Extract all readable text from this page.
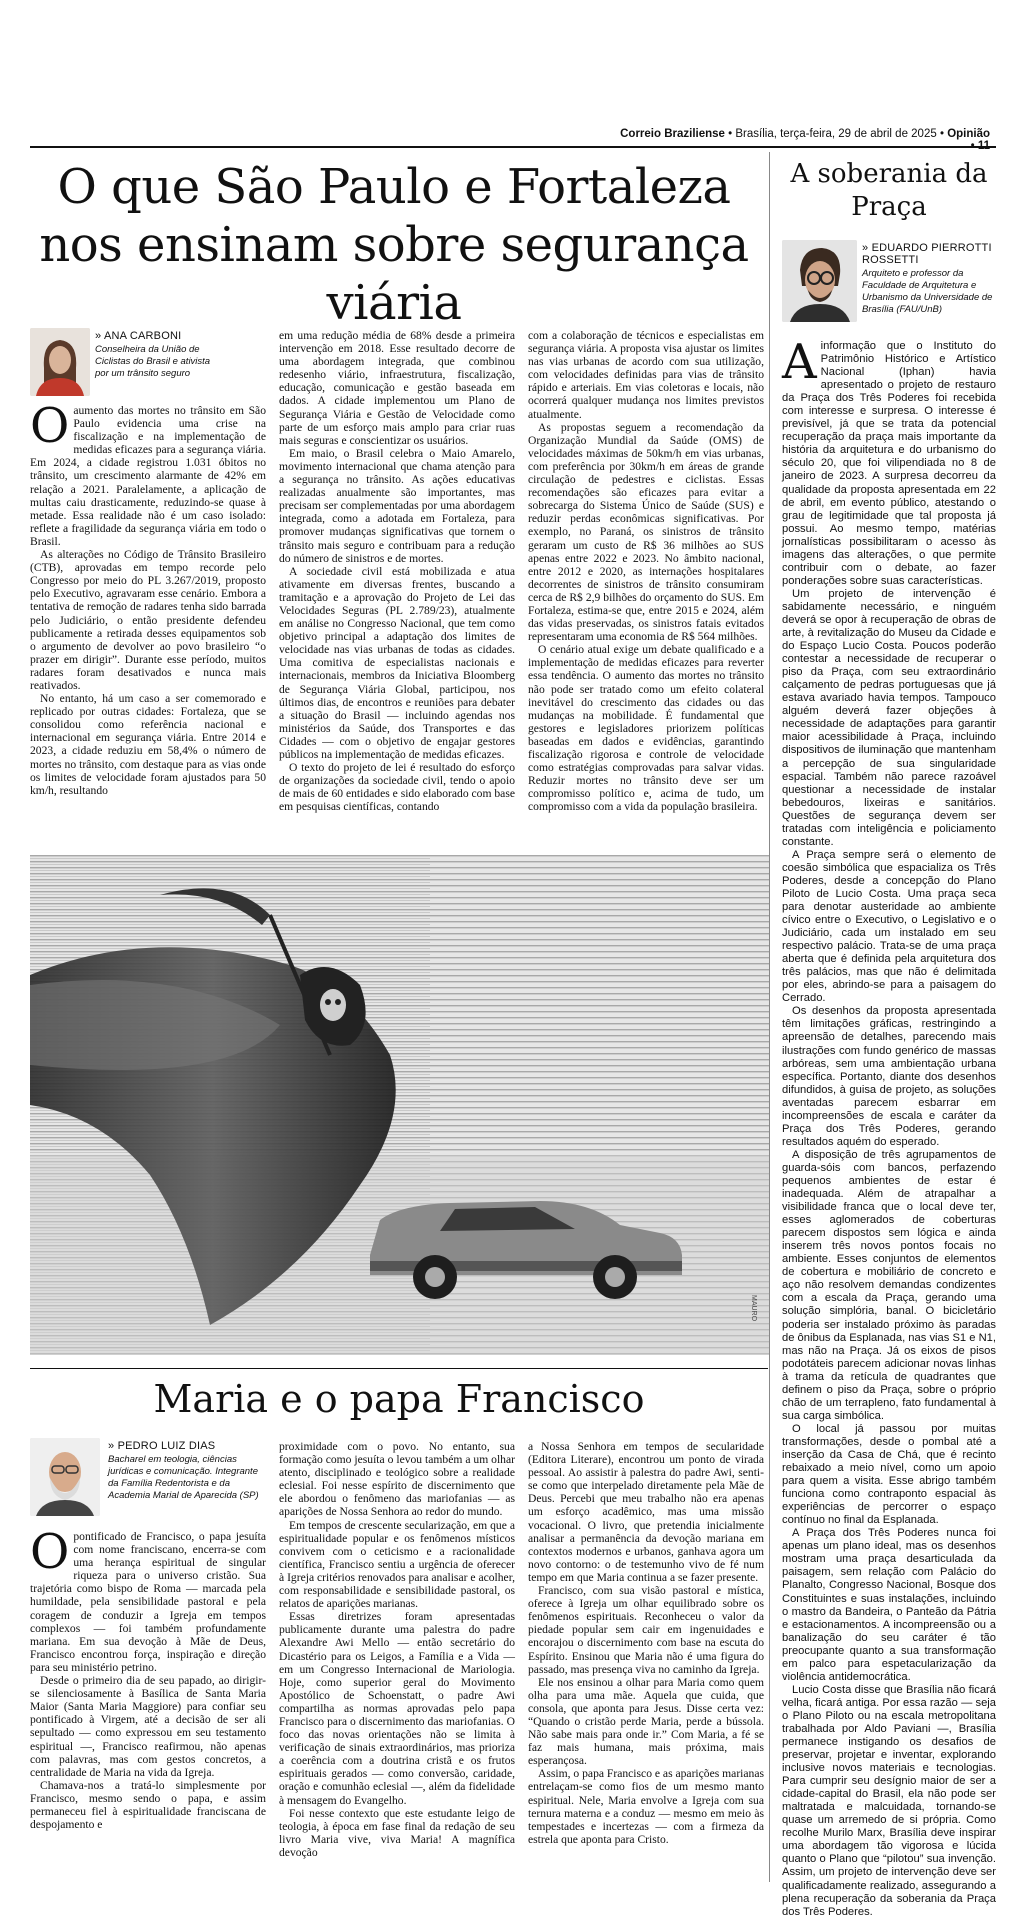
Correio Braziliense • Brasília, terça-feira, 29 de abril de 2025 • Opinião
O que São Paulo e Fortaleza nos ensinam sobre segurança viária
» ANA CARBONI
Conselheira da União de Ciclistas do Brasil e ativista por um trânsito seguro

Oaumento das mortes no trânsito em São Paulo evidencia uma crise na fiscalização e na implementação de medidas eficazes para a segurança viária. Em 2024, a cidade registrou 1.031 óbitos no trânsito, um crescimento alarmante de 42% em relação a 2021. Paralelamente, a aplicação de multas caiu drasticamente, reduzindo-se quase à metade. Essa realidade não é um caso isolado: reflete a fragilidade da segurança viária em todo o Brasil.

As alterações no Código de Trânsito Brasileiro (CTB), aprovadas em tempo recorde pelo Congresso por meio do PL 3.267/2019, proposto pelo Executivo, agravaram esse cenário. Embora a tentativa de remoção de radares tenha sido barrada pelo Judiciário, o então presidente defendeu publicamente a retirada desses equipamentos sob o argumento de devolver ao povo brasileiro “o prazer em dirigir”. Durante esse período, muitos radares foram desativados e nunca mais reativados.

No entanto, há um caso a ser comemorado e replicado por outras cidades: Fortaleza, que se consolidou como referência nacional e internacional em segurança viária. Entre 2014 e 2023, a cidade reduziu em 58,4% o número de mortes no trânsito, com destaque para as vias onde os limites de velocidade foram ajustados para 50 km/h, resultando

em uma redução média de 68% desde a primeira intervenção em 2018. Esse resultado decorre de uma abordagem integrada, que combinou redesenho viário, infraestrutura, fiscalização, educação, comunicação e gestão baseada em dados. A cidade implementou um Plano de Segurança Viária e Gestão de Velocidade como parte de um esforço mais amplo para criar ruas mais seguras e conscientizar os usuários.

Em maio, o Brasil celebra o Maio Amarelo, movimento internacional que chama atenção para a segurança no trânsito. As ações educativas realizadas anualmente são importantes, mas precisam ser complementadas por uma abordagem integrada, como a adotada em Fortaleza, para promover mudanças significativas que tornem o trânsito mais seguro e contribuam para a redução do número de sinistros e de mortes.

A sociedade civil está mobilizada e atua ativamente em diversas frentes, buscando a tramitação e a aprovação do Projeto de Lei das Velocidades Seguras (PL 2.789/23), atualmente em análise no Congresso Nacional, que tem como objetivo principal a adaptação dos limites de velocidade nas vias urbanas de todas as cidades. Uma comitiva de especialistas nacionais e internacionais, membros da Iniciativa Bloomberg de Segurança Viária Global, participou, nos últimos dias, de encontros e reuniões para debater a situação do Brasil — incluindo agendas nos ministérios da Saúde, dos Transportes e das Cidades — com o objetivo de engajar gestores públicos na implementação de medidas eficazes.

O texto do projeto de lei é resultado do esforço de organizações da sociedade civil, tendo o apoio de mais de 60 entidades e sido elaborado com base em pesquisas científicas, contando

com a colaboração de técnicos e especialistas em segurança viária. A proposta visa ajustar os limites nas vias urbanas de acordo com sua utilização, com velocidades definidas para vias de trânsito rápido e arteriais. Em vias coletoras e locais, não ocorrerá qualquer mudança nos limites previstos atualmente.

As propostas seguem a recomendação da Organização Mundial da Saúde (OMS) de velocidades máximas de 50km/h em vias urbanas, com preferência por 30km/h em áreas de grande circulação de pedestres e ciclistas. Essas recomendações são eficazes para evitar a sobrecarga do Sistema Único de Saúde (SUS) e reduzir perdas econômicas significativas. Por exemplo, no Paraná, os sinistros de trânsito geraram um custo de R$ 36 milhões ao SUS apenas entre 2022 e 2023. No âmbito nacional, entre 2012 e 2020, as internações hospitalares decorrentes de sinistros de trânsito consumiram cerca de R$ 2,9 bilhões do orçamento do SUS. Em Fortaleza, estima-se que, entre 2015 e 2024, além das vidas preservadas, os sinistros fatais evitados representaram uma economia de R$ 564 milhões.

O cenário atual exige um debate qualificado e a implementação de medidas eficazes para reverter essa tendência. O aumento das mortes no trânsito não pode ser tratado como um efeito colateral inevitável do crescimento das cidades ou das mudanças na mobilidade. É fundamental que gestores e legisladores priorizem políticas baseadas em dados e evidências, garantindo fiscalização rigorosa e controle de velocidade como estratégias comprovadas para salvar vidas. Reduzir mortes no trânsito deve ser um compromisso político e, acima de tudo, um compromisso com a vida da população brasileira.

MAURO
Maria e o papa Francisco
» PEDRO LUIZ DIAS
Bacharel em teologia, ciências jurídicas e comunicação. Integrante da Família Redentorista e da Academia Marial de Aparecida (SP)

Opontificado de Francisco, o papa jesuíta com nome franciscano, encerra-se com uma herança espiritual de singular riqueza para o universo cristão. Sua trajetória como bispo de Roma — marcada pela humildade, pela sensibilidade pastoral e pela coragem de conduzir a Igreja em tempos complexos — foi também profundamente mariana. Em sua devoção à Mãe de Deus, Francisco encontrou força, inspiração e direção para seu ministério petrino.

Desde o primeiro dia de seu papado, ao dirigir-se silenciosamente à Basílica de Santa Maria Maior (Santa Maria Maggiore) para confiar seu pontificado à Virgem, até a decisão de ser ali sepultado — como expressou em seu testamento espiritual —, Francisco reafirmou, não apenas com palavras, mas com gestos concretos, a centralidade de Maria na vida da Igreja.

Chamava-nos a tratá-lo simplesmente por Francisco, mesmo sendo o papa, e assim permaneceu fiel à espiritualidade franciscana de despojamento e

proximidade com o povo. No entanto, sua formação como jesuíta o levou também a um olhar atento, disciplinado e teológico sobre a realidade eclesial. Foi nesse espírito de discernimento que ele abordou o fenômeno das mariofanias — as aparições de Nossa Senhora ao redor do mundo.

Em tempos de crescente secularização, em que a espiritualidade popular e os fenômenos místicos convivem com o ceticismo e a racionalidade científica, Francisco sentiu a urgência de oferecer à Igreja critérios renovados para analisar e acolher, com responsabilidade e sensibilidade pastoral, os relatos de aparições marianas.

Essas diretrizes foram apresentadas publicamente durante uma palestra do padre Alexandre Awi Mello — então secretário do Dicastério para os Leigos, a Família e a Vida — em um Congresso Internacional de Mariologia. Hoje, como superior geral do Movimento Apostólico de Schoenstatt, o padre Awi compartilha as normas aprovadas pelo papa Francisco para o discernimento das mariofanias. O foco das novas orientações não se limita à verificação de sinais extraordinários, mas prioriza a coerência com a doutrina cristã e os frutos espirituais gerados — como conversão, caridade, oração e comunhão eclesial —, além da fidelidade à mensagem do Evangelho.

Foi nesse contexto que este estudante leigo de teologia, à época em fase final da redação de seu livro Maria vive, viva Maria! A magnífica devoção

a Nossa Senhora em tempos de secularidade (Editora Literare), encontrou um ponto de virada pessoal. Ao assistir à palestra do padre Awi, senti-se como que interpelado diretamente pela Mãe de Deus. Percebi que meu trabalho não era apenas um esforço acadêmico, mas uma missão vocacional. O livro, que pretendia inicialmente analisar a permanência da devoção mariana em contextos modernos e urbanos, ganhava agora um novo contorno: o de testemunho vivo de fé num tempo em que Maria continua a se fazer presente.

Francisco, com sua visão pastoral e mística, oferece à Igreja um olhar equilibrado sobre os fenômenos espirituais. Reconheceu o valor da piedade popular sem cair em ingenuidades e encorajou o discernimento com base na escuta do Espírito. Ensinou que Maria não é uma figura do passado, mas presença viva no caminho da Igreja.

Ele nos ensinou a olhar para Maria como quem olha para uma mãe. Aquela que cuida, que consola, que aponta para Jesus. Disse certa vez: “Quando o cristão perde Maria, perde a bússola. Não sabe mais para onde ir.” Com Maria, a fé se faz mais humana, mais próxima, mais esperançosa.

Assim, o papa Francisco e as aparições marianas entrelaçam-se como fios de um mesmo manto espiritual. Nele, Maria envolve a Igreja com sua ternura materna e a conduz — mesmo em meio às tempestades e incertezas — com a firmeza da estrela que aponta para Cristo.

A soberania da Praça
» EDUARDO PIERROTTI ROSSETTI
Arquiteto e professor da Faculdade de Arquitetura e Urbanismo da Universidade de Brasília (FAU/UnB)

Ainformação que o Instituto do Patrimônio Histórico e Artístico Nacional (Iphan) havia apresentado o projeto de restauro da Praça dos Três Poderes foi recebida com interesse e surpresa. O interesse é previsível, já que se trata da potencial recuperação da praça mais importante da história da arquitetura e do urbanismo do século 20, que foi vilipendiada no 8 de janeiro de 2023. A surpresa decorreu da qualidade da proposta apresentada em 22 de abril, em evento público, atestando o grau de legitimidade que tal proposta já possui. Ao mesmo tempo, matérias jornalísticas possibilitaram o acesso às imagens das alterações, o que permite contribuir com o debate, ao fazer ponderações sobre suas características.

Um projeto de intervenção é sabidamente necessário, e ninguém deverá se opor à recuperação de obras de arte, à revitalização do Museu da Cidade e do Espaço Lucio Costa. Poucos poderão contestar a necessidade de recuperar o piso da Praça, com seu extraordinário calçamento de pedras portuguesas que já estava avariado havia tempos. Tampouco alguém deverá fazer objeções à necessidade de adaptações para garantir maior acessibilidade à Praça, incluindo dispositivos de iluminação que mantenham a percepção de sua singularidade espacial. Também não parece razoável questionar a necessidade de instalar bebedouros, lixeiras e sanitários. Questões de segurança devem ser tratadas com inteligência e policiamento constante.

A Praça sempre será o elemento de coesão simbólica que espacializa os Três Poderes, desde a concepção do Plano Piloto de Lucio Costa. Uma praça seca para denotar austeridade ao ambiente cívico entre o Executivo, o Legislativo e o Judiciário, cada um instalado em seu respectivo palácio. Trata-se de uma praça aberta que é definida pela arquitetura dos três palácios, mas que não é delimitada por eles, abrindo-se para a paisagem do Cerrado.

Os desenhos da proposta apresentada têm limitações gráficas, restringindo a apreensão de detalhes, parecendo mais ilustrações com fundo genérico de massas arbóreas, sem uma ambientação urbana específica. Portanto, diante dos desenhos difundidos, à guisa de projeto, as soluções aventadas parecem esbarrar em incompreensões de escala e caráter da Praça dos Três Poderes, gerando resultados aquém do esperado.

A disposição de três agrupamentos de guarda-sóis com bancos, perfazendo pequenos ambientes de estar é inadequada. Além de atrapalhar a visibilidade franca que o local deve ter, esses aglomerados de coberturas parecem dispostos sem lógica e ainda inserem três novos pontos focais no ambiente. Esses conjuntos de elementos de cobertura e mobiliário de concreto e aço não resolvem demandas condizentes com a escala da Praça, gerando uma solução simplória, banal. O bicicletário poderia ser instalado próximo às paradas de ônibus da Esplanada, nas vias S1 e N1, mas não na Praça. Já os eixos de pisos podotáteis parecem adicionar novas linhas à trama da retícula de quadrantes que definem o piso da Praça, sobre o próprio chão de um terrapleno, fato fundamental à sua carga simbólica.

O local já passou por muitas transformações, desde o pombal até a inserção da Casa de Chá, que é recinto rebaixado a meio nível, como um apoio para quem a visita. Esse abrigo também funciona como contraponto espacial às experiências de percorrer o espaço contínuo no final da Esplanada.

A Praça dos Três Poderes nunca foi apenas um plano ideal, mas os desenhos mostram uma praça desarticulada da paisagem, sem relação com Palácio do Planalto, Congresso Nacional, Bosque dos Constituintes e suas instalações, incluindo o mastro da Bandeira, o Panteão da Pátria e estacionamentos. A incompreensão ou a banalização do seu caráter é tão preocupante quanto a sua transformação em palco para espetacularização da violência antidemocrática.

Lucio Costa disse que Brasília não ficará velha, ficará antiga. Por essa razão — seja o Plano Piloto ou na escala metropolitana trabalhada por Aldo Paviani —, Brasília permanece instigando os desafios de preservar, projetar e inventar, explorando inclusive novos materiais e tecnologias. Para cumprir seu desígnio maior de ser a cidade-capital do Brasil, ela não pode ser maltratada e malcuidada, tornando-se quase um arremedo de si própria. Como recolhe Murilo Marx, Brasília deve inspirar uma abordagem tão vigorosa e lúcida quanto o Plano que “pilotou” sua invenção. Assim, um projeto de intervenção deve ser qualificadamente realizado, assegurando a plena recuperação da soberania da Praça dos Três Poderes.
